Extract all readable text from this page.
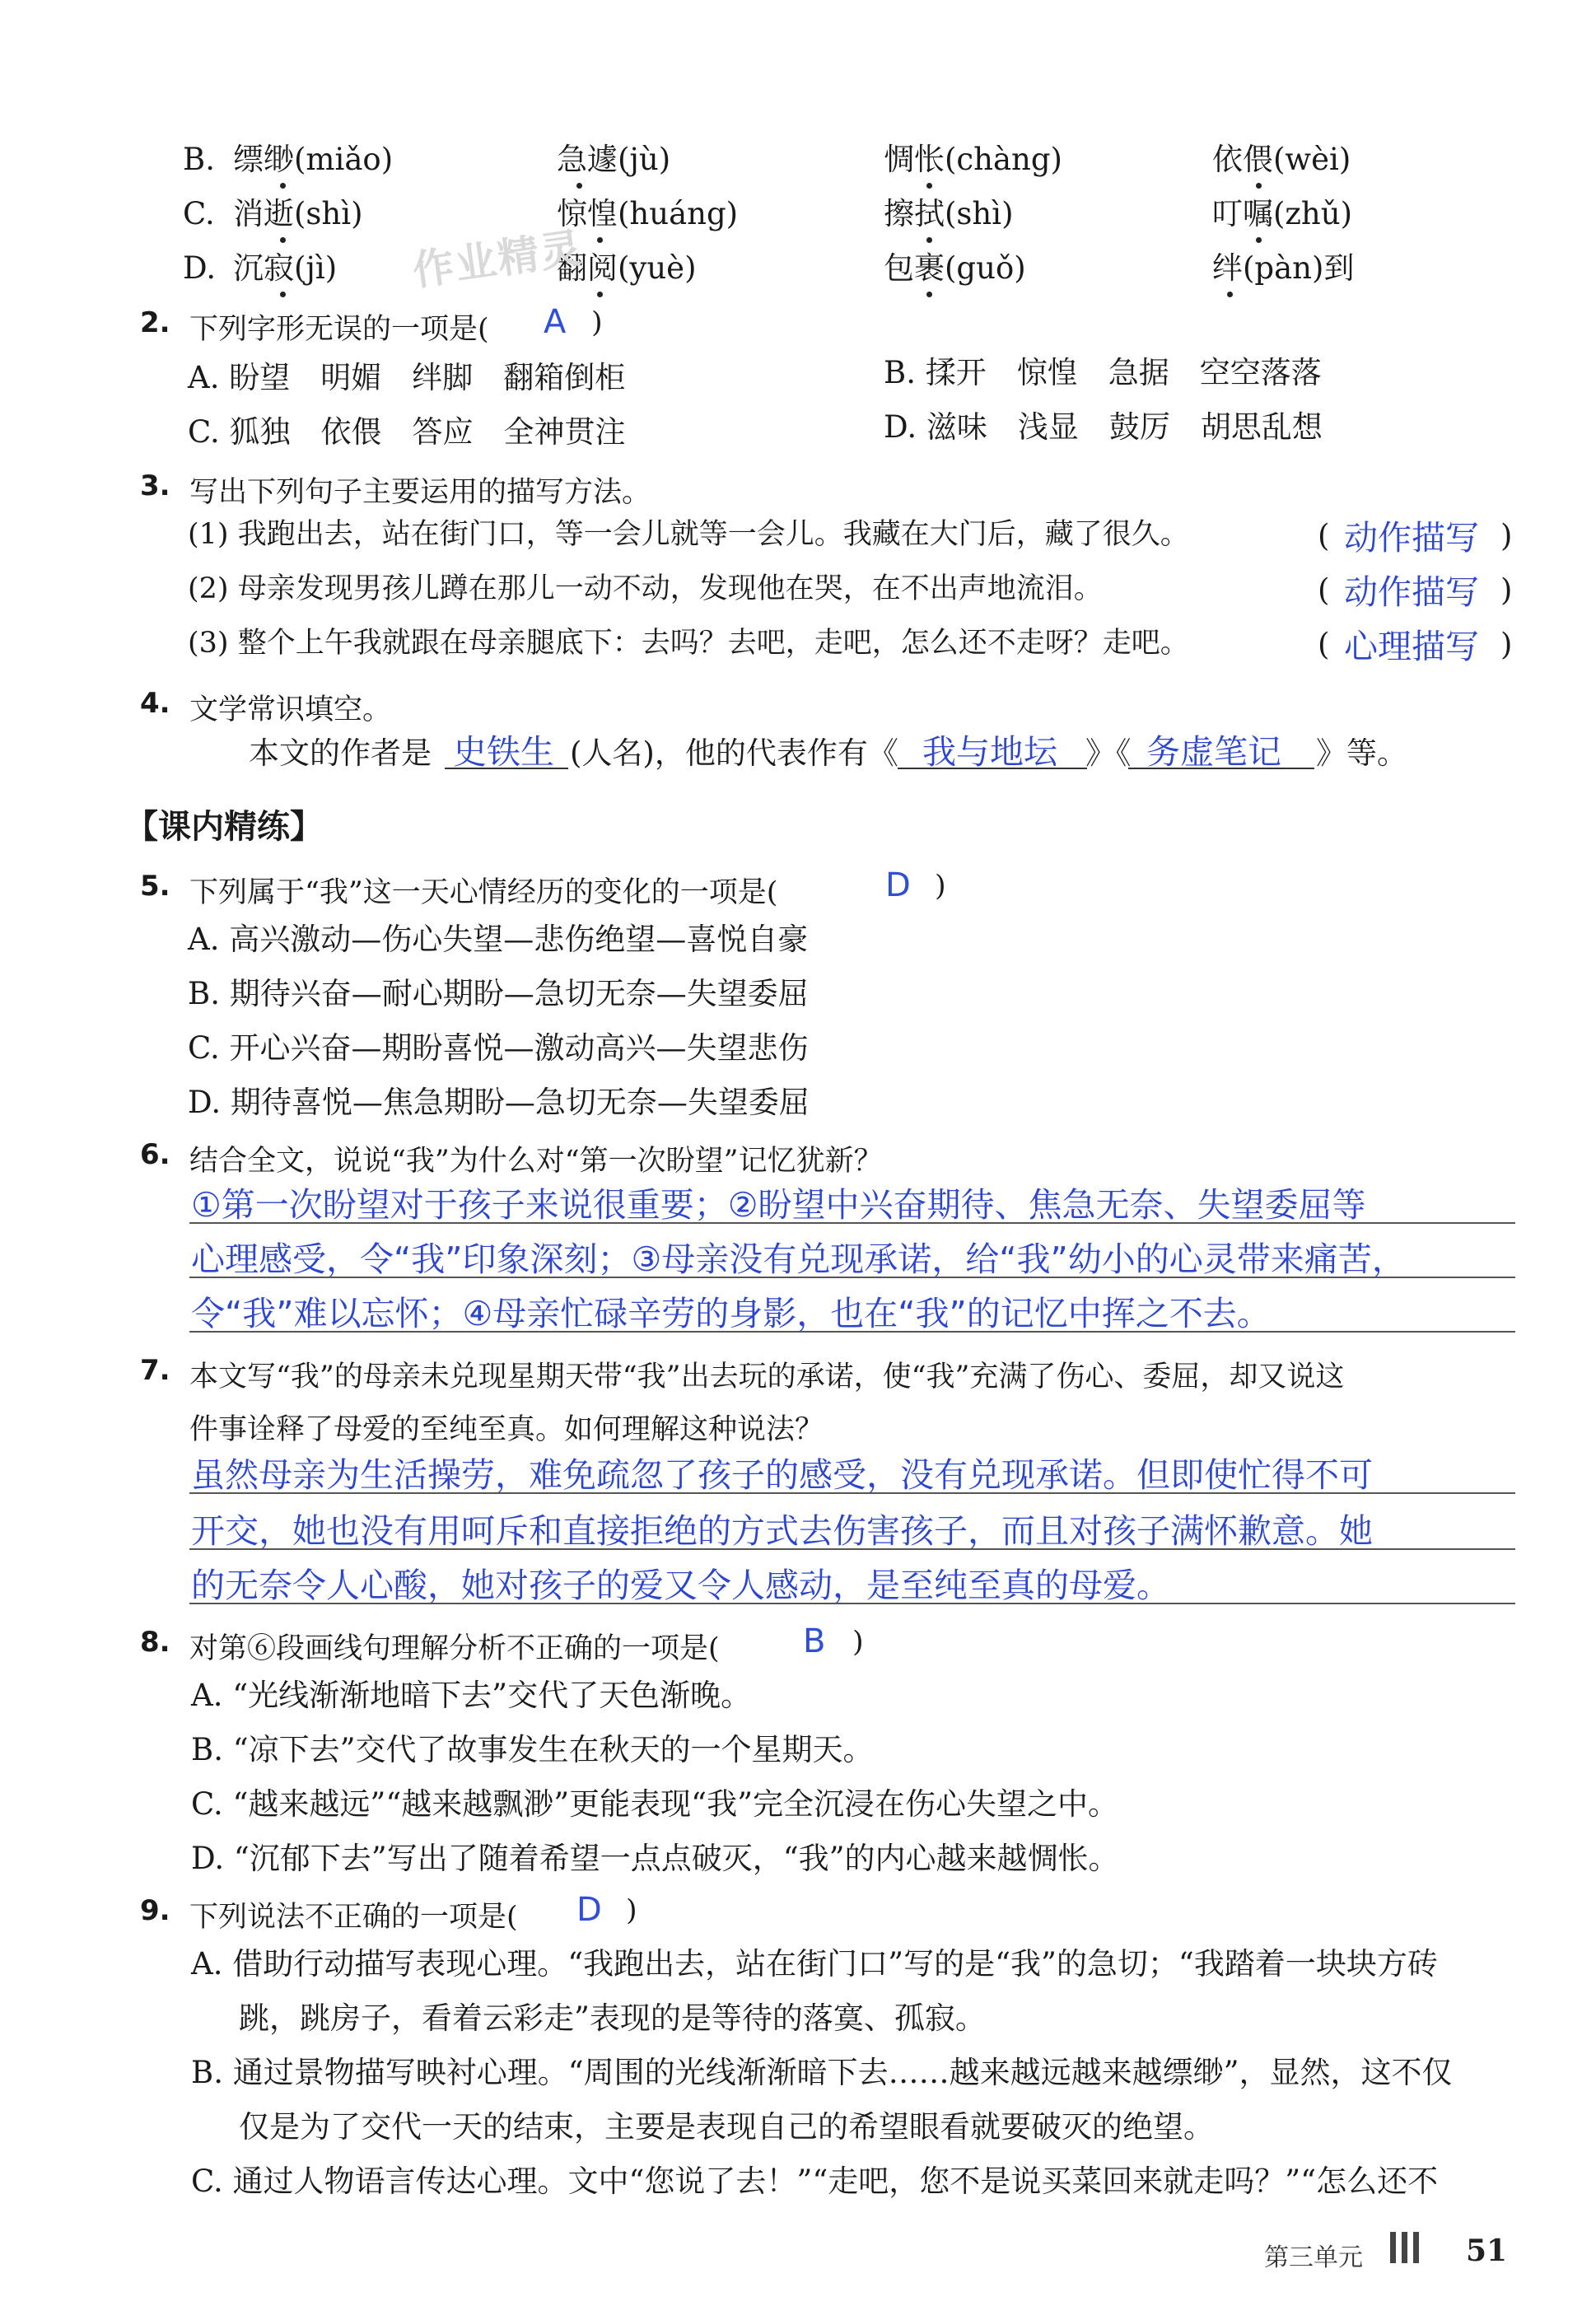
B. 缥缈(miǎo)	急遽(jù)	惆怅(chàng)	依偎(wèi)
C. 消逝(shì)	惊惶(huáng)	擦拭(shì)	叮嘱(zhǔ)
D. 沉寂(jì)	翻阅(yuè)	包裹(guǒ)	绊(pàn)到
作业精灵
2. 下列字形无误的一项是( A )
A. 盼望　明媚　绊脚　翻箱倒柜	B. 揉开　惊惶　急据　空空落落
C. 狐独　依偎　答应　全神贯注	D. 滋味　浅显　鼓厉　胡思乱想
3. 写出下列句子主要运用的描写方法。
(1) 我跑出去，站在街门口，等一会儿就等一会儿。我藏在大门后，藏了很久。	( 动作描写 )
(2) 母亲发现男孩儿蹲在那儿一动不动，发现他在哭，在不出声地流泪。	( 动作描写 )
(3) 整个上午我就跟在母亲腿底下：去吗？去吧，走吧，怎么还不走呀？走吧。	( 心理描写 )
4. 文学常识填空。
本文的作者是 史铁生 (人名)，他的代表作有《 我与地坛 》《 务虚笔记 》等。
【课内精练】
5. 下列属于“我”这一天心情经历的变化的一项是(	D )
A. 高兴激动—伤心失望—悲伤绝望—喜悦自豪
B. 期待兴奋—耐心期盼—急切无奈—失望委屈
C. 开心兴奋—期盼喜悦—激动高兴—失望悲伤
D. 期待喜悦—焦急期盼—急切无奈—失望委屈
6. 结合全文，说说“我”为什么对“第一次盼望”记忆犹新？
①第一次盼望对于孩子来说很重要；②盼望中兴奋期待、焦急无奈、失望委屈等
心理感受，令“我”印象深刻；③母亲没有兑现承诺，给“我”幼小的心灵带来痛苦，
令“我”难以忘怀；④母亲忙碌辛劳的身影，也在“我”的记忆中挥之不去。
7. 本文写“我”的母亲未兑现星期天带“我”出去玩的承诺，使“我”充满了伤心、委屈，却又说这
件事诠释了母爱的至纯至真。如何理解这种说法？
虽然母亲为生活操劳，难免疏忽了孩子的感受，没有兑现承诺。但即使忙得不可
开交，她也没有用呵斥和直接拒绝的方式去伤害孩子，而且对孩子满怀歉意。她
的无奈令人心酸，她对孩子的爱又令人感动，是至纯至真的母爱。
8. 对第⑥段画线句理解分析不正确的一项是(	B )
A. “光线渐渐地暗下去”交代了天色渐晚。
B. “凉下去”交代了故事发生在秋天的一个星期天。
C. “越来越远”“越来越飘渺”更能表现“我”完全沉浸在伤心失望之中。
D. “沉郁下去”写出了随着希望一点点破灭，“我”的内心越来越惆怅。
9. 下列说法不正确的一项是( D )
A. 借助行动描写表现心理。“我跑出去，站在街门口”写的是“我”的急切；“我踏着一块块方砖
跳，跳房子，看着云彩走”表现的是等待的落寞、孤寂。
B. 通过景物描写映衬心理。“周围的光线渐渐暗下去……越来越远越来越缥缈”，显然，这不仅
仅是为了交代一天的结束，主要是表现自己的希望眼看就要破灭的绝望。
C. 通过人物语言传达心理。文中“您说了去！”“走吧，您不是说买菜回来就走吗？”“怎么还不
第三单元	51
